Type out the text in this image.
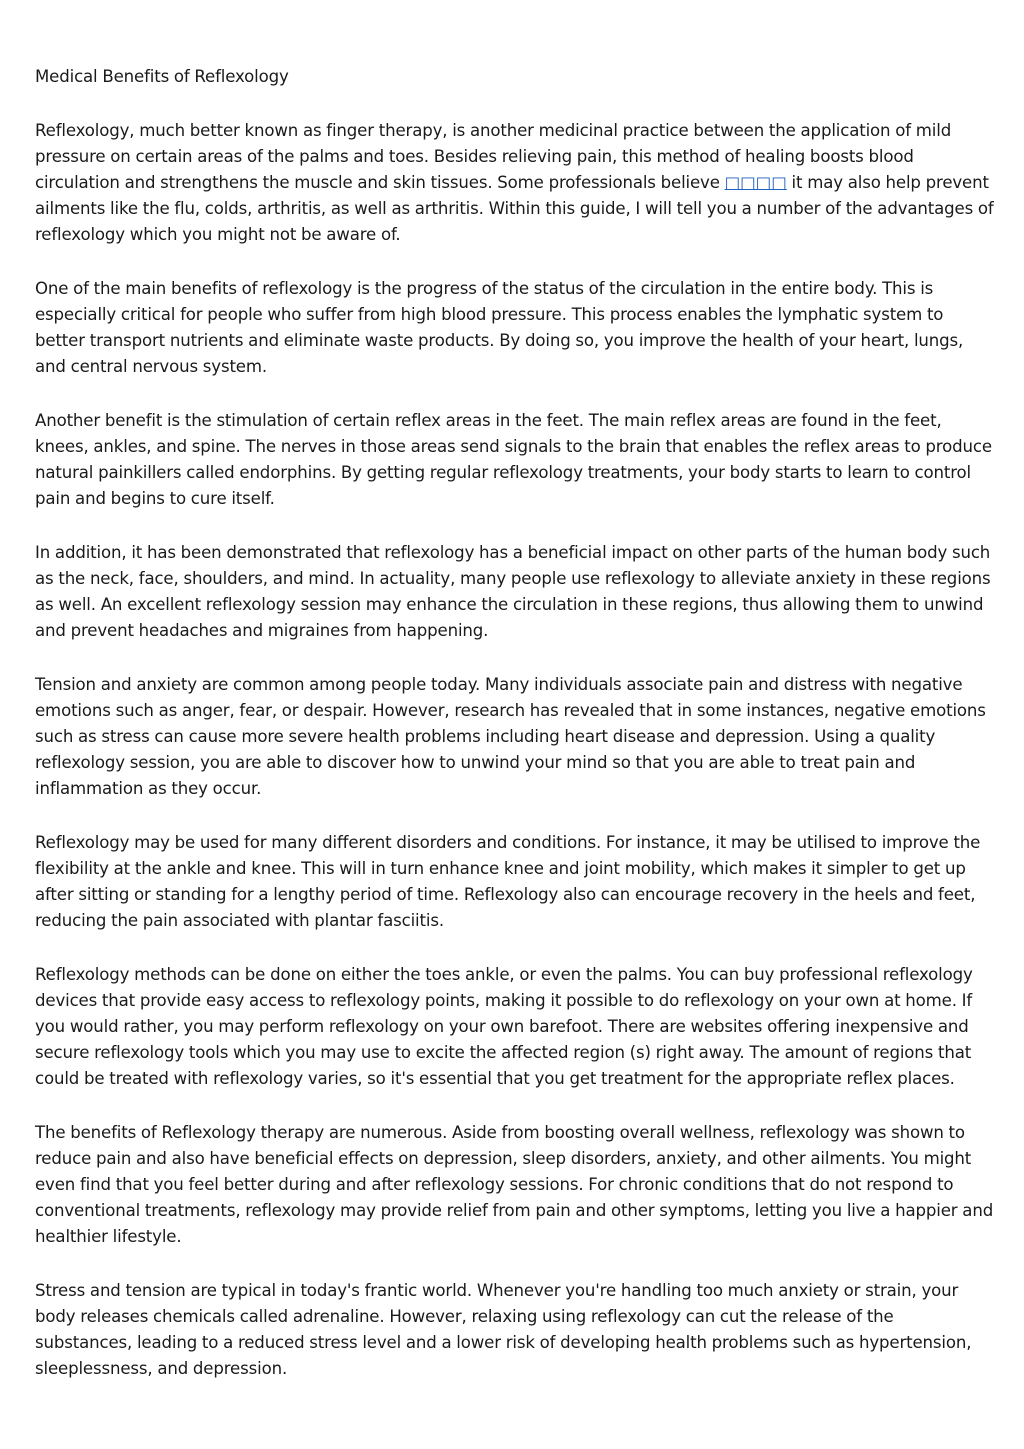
Medical Benefits of Reflexology

Reflexology, much better known as finger therapy, is another medicinal practice between the application of mild pressure on certain areas of the palms and toes. Besides relieving pain, this method of healing boosts blood circulation and strengthens the muscle and skin tissues. Some professionals believe □□□□ it may also help prevent ailments like the flu, colds, arthritis, as well as arthritis. Within this guide, I will tell you a number of the advantages of reflexology which you might not be aware of.

One of the main benefits of reflexology is the progress of the status of the circulation in the entire body. This is especially critical for people who suffer from high blood pressure. This process enables the lymphatic system to better transport nutrients and eliminate waste products. By doing so, you improve the health of your heart, lungs, and central nervous system.

Another benefit is the stimulation of certain reflex areas in the feet. The main reflex areas are found in the feet, knees, ankles, and spine. The nerves in those areas send signals to the brain that enables the reflex areas to produce natural painkillers called endorphins. By getting regular reflexology treatments, your body starts to learn to control pain and begins to cure itself.

In addition, it has been demonstrated that reflexology has a beneficial impact on other parts of the human body such as the neck, face, shoulders, and mind. In actuality, many people use reflexology to alleviate anxiety in these regions as well. An excellent reflexology session may enhance the circulation in these regions, thus allowing them to unwind and prevent headaches and migraines from happening.

Tension and anxiety are common among people today. Many individuals associate pain and distress with negative emotions such as anger, fear, or despair. However, research has revealed that in some instances, negative emotions such as stress can cause more severe health problems including heart disease and depression. Using a quality reflexology session, you are able to discover how to unwind your mind so that you are able to treat pain and inflammation as they occur.

Reflexology may be used for many different disorders and conditions. For instance, it may be utilised to improve the flexibility at the ankle and knee. This will in turn enhance knee and joint mobility, which makes it simpler to get up after sitting or standing for a lengthy period of time. Reflexology also can encourage recovery in the heels and feet, reducing the pain associated with plantar fasciitis.

Reflexology methods can be done on either the toes ankle, or even the palms. You can buy professional reflexology devices that provide easy access to reflexology points, making it possible to do reflexology on your own at home. If you would rather, you may perform reflexology on your own barefoot. There are websites offering inexpensive and secure reflexology tools which you may use to excite the affected region (s) right away. The amount of regions that could be treated with reflexology varies, so it's essential that you get treatment for the appropriate reflex places.

The benefits of Reflexology therapy are numerous. Aside from boosting overall wellness, reflexology was shown to reduce pain and also have beneficial effects on depression, sleep disorders, anxiety, and other ailments. You might even find that you feel better during and after reflexology sessions. For chronic conditions that do not respond to conventional treatments, reflexology may provide relief from pain and other symptoms, letting you live a happier and healthier lifestyle.

Stress and tension are typical in today's frantic world. Whenever you're handling too much anxiety or strain, your body releases chemicals called adrenaline. However, relaxing using reflexology can cut the release of the substances, leading to a reduced stress level and a lower risk of developing health problems such as hypertension, sleeplessness, and depression.
